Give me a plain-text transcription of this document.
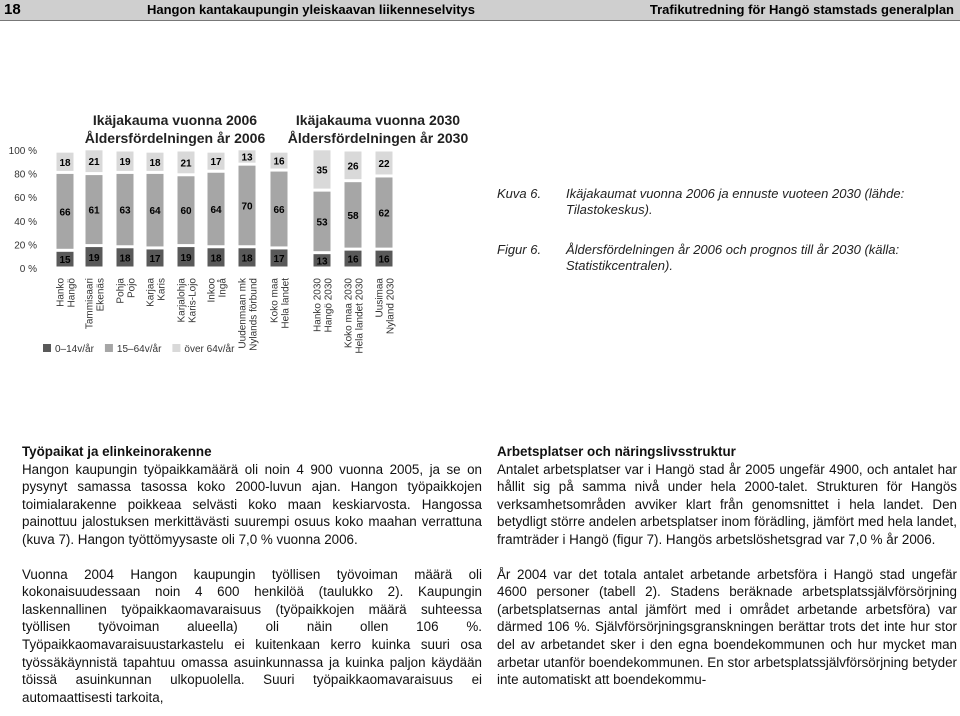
18	Hangon kantakaupungin yleiskaavan liikenneselvitys	Trafikutredning för Hangö stamstads generalplan
Ikäjakauma vuonna 2006
Åldersfördelningen år 2006
Ikäjakauma vuonna 2030
Åldersfördelningen år 2030
0 %
20 %
40 %
60 %
80 %
100 %
15
66
18
19
61
21
18
63
19
17
64
18
19
60
21
18
64
17
18
70
13
17
66
16
13
53
35
16
58
26
16
62
22
Hanko Hangö Tammisaari Ekenäs Pohja Pojo Karjaa Karis Karjalohja Karis-Lojo Inkoo Ingå Uudenmaan mk Nylands förbund Koko maa Hela landet Hanko 2030 Hangö 2030 Koko maa 2030 Hela landet 2030 Uusimaa Nyland 2030
0–14v/år 15–64v/år över 64v/år
Kuva 6. Ikäjakaumat vuonna 2006 ja ennuste vuoteen 2030 (lähde:
Tilastokeskus).
Figur 6. Åldersfördelningen år 2006 och prognos till år 2030 (källa:
Statistikcentralen).
Työpaikat ja elinkeinorakenne

Hangon kaupungin työpaikkamäärä oli noin 4 900 vuonna 2005, ja se on pysynyt samassa tasossa koko 2000-luvun ajan. Hangon työpaikkojen toimialarakenne poikkeaa selvästi koko maan keskiarvosta. Hangossa painottuu jalostuksen merkittävästi suurempi osuus koko maahan verrattuna (kuva 7). Hangon työttömyysaste oli 7,0 % vuonna 2006.

Vuonna 2004 Hangon kaupungin työllisen työvoiman määrä oli kokonaisuudessaan noin 4 600 henkilöä (taulukko 2). Kaupungin laskennallinen työpaikkaomavaraisuus (työpaikkojen määrä suhteessa työllisen työvoiman alueella) oli näin ollen 106 %. Työpaikkaomavaraisuustarkastelu ei kuitenkaan kerro kuinka suuri osa työssäkäynnistä tapahtuu omassa asuinkunnassa ja kuinka paljon käydään töissä asuinkunnan ulkopuolella. Suuri työpaikkaomavaraisuus ei automaattisesti tarkoita,

Arbetsplatser och näringslivsstruktur

Antalet arbetsplatser var i Hangö stad år 2005 ungefär 4900, och antalet har hållit sig på samma nivå under hela 2000-talet. Strukturen för Hangös verksamhetsområden avviker klart från genomsnittet i hela landet. Den betydligt större andelen arbetsplatser inom förädling, jämfört med hela landet, framträder i Hangö (figur 7). Hangös arbetslöshetsgrad var 7,0 % år 2006.

År 2004 var det totala antalet arbetande arbetsföra i Hangö stad ungefär 4600 personer (tabell 2). Stadens beräknade arbetsplatssjälvförsörjning (arbetsplatsernas antal jämfört med i området arbetande arbetsföra) var därmed 106 %. Självförsörjningsgranskningen berättar trots det inte hur stor del av arbetandet sker i den egna boendekommunen och hur mycket man arbetar utanför boendekommunen. En stor arbetsplatssjälvförsörjning betyder inte automatiskt att boendekommu-
